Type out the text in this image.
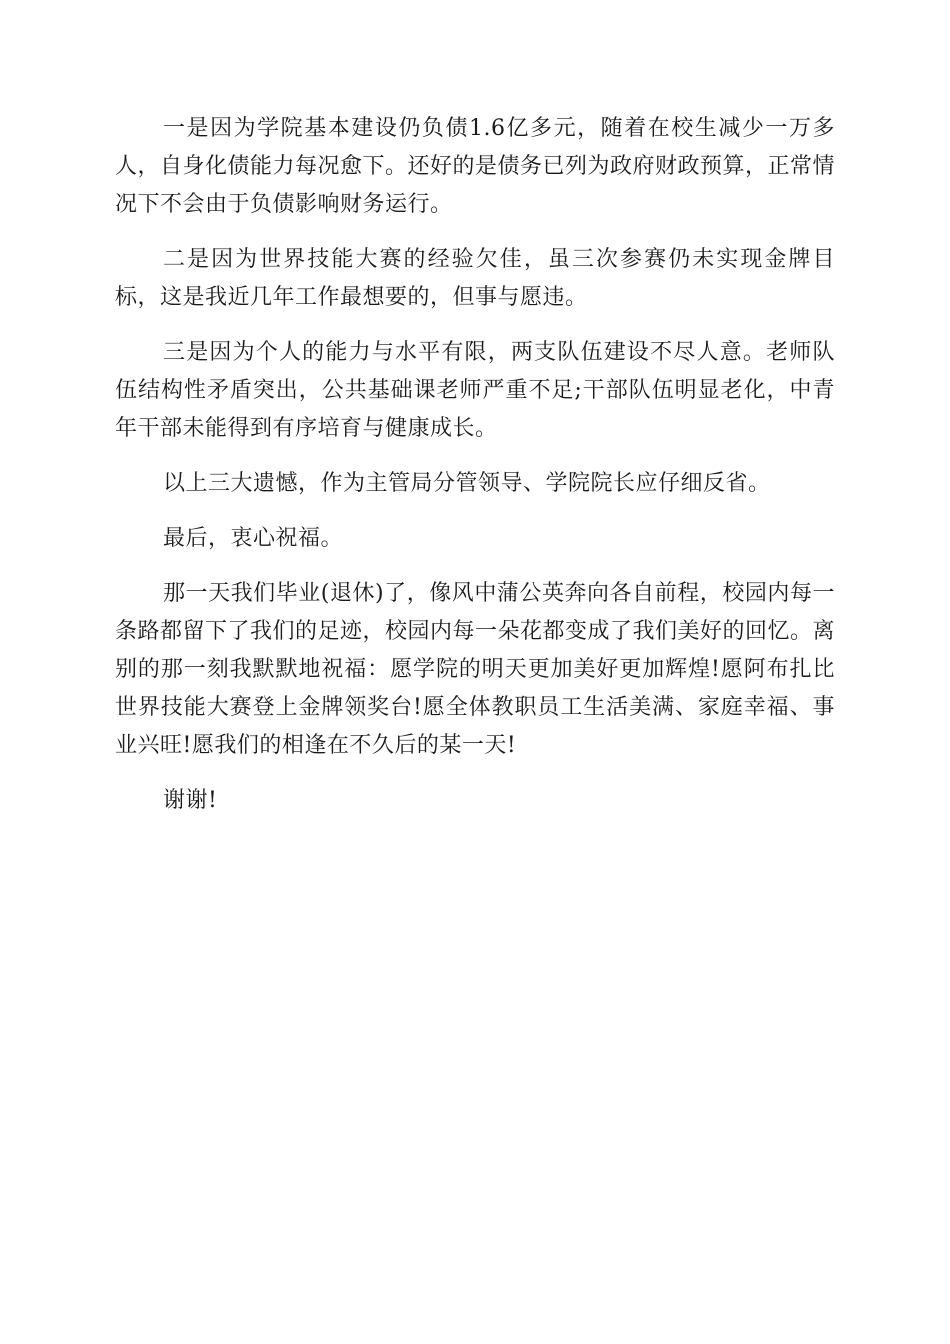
一是因为学院基本建设仍负债1.6亿多元，随着在校生减少一万多人，自身化债能力每况愈下。还好的是债务已列为政府财政预算，正常情况下不会由于负债影响财务运行。

二是因为世界技能大赛的经验欠佳，虽三次参赛仍未实现金牌目标，这是我近几年工作最想要的，但事与愿违。

三是因为个人的能力与水平有限，两支队伍建设不尽人意。老师队伍结构性矛盾突出，公共基础课老师严重不足;干部队伍明显老化，中青年干部未能得到有序培育与健康成长。

以上三大遗憾，作为主管局分管领导、学院院长应仔细反省。

最后，衷心祝福。

那一天我们毕业(退休)了，像风中蒲公英奔向各自前程，校园内每一条路都留下了我们的足迹，校园内每一朵花都变成了我们美好的回忆。离别的那一刻我默默地祝福：愿学院的明天更加美好更加辉煌!愿阿布扎比世界技能大赛登上金牌领奖台!愿全体教职员工生活美满、家庭幸福、事业兴旺!愿我们的相逢在不久后的某一天!

谢谢!
